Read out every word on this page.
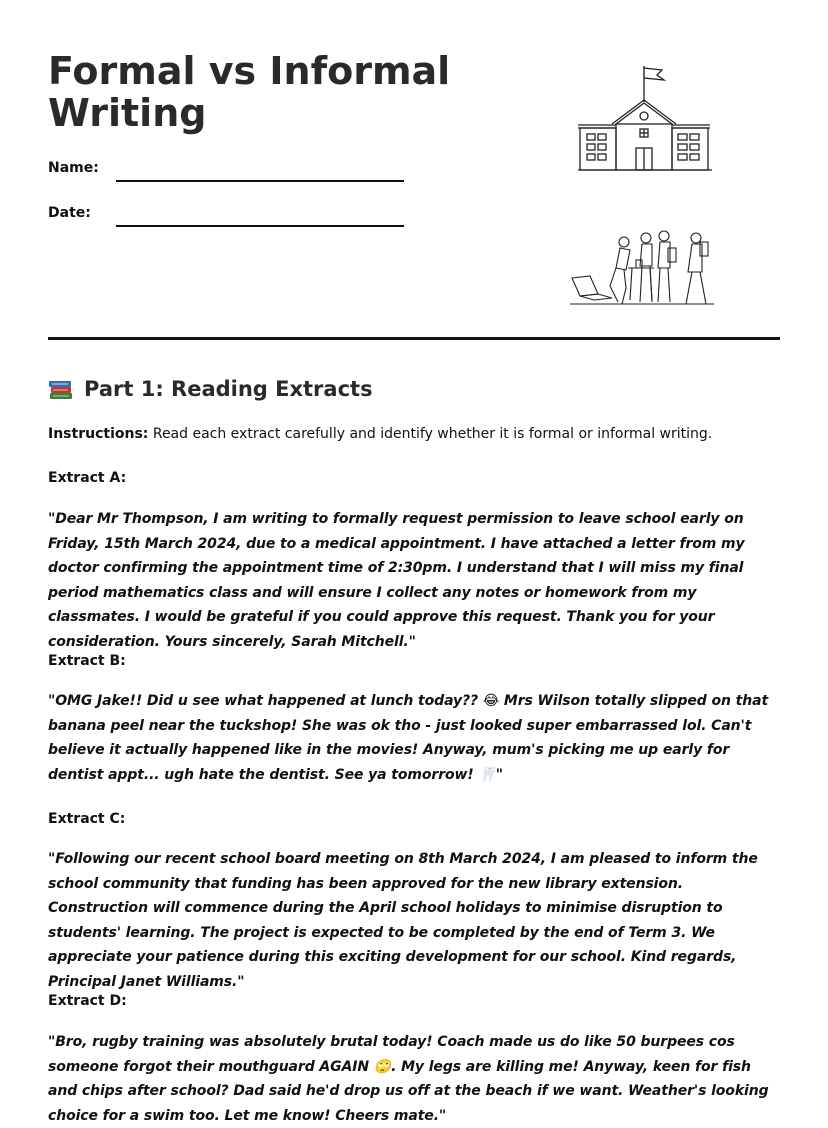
Formal vs Informal Writing
Name:
Date:
Part 1: Reading Extracts
Instructions: Read each extract carefully and identify whether it is formal or informal writing.
Extract A:

"Dear Mr Thompson, I am writing to formally request permission to leave school early on Friday, 15th March 2024, due to a medical appointment. I have attached a letter from my doctor confirming the appointment time of 2:30pm. I understand that I will miss my final period mathematics class and will ensure I collect any notes or homework from my classmates. I would be grateful if you could approve this request. Thank you for your consideration. Yours sincerely, Sarah Mitchell."

Extract B:

"OMG Jake!! Did u see what happened at lunch today?? 😂 Mrs Wilson totally slipped on that banana peel near the tuckshop! She was ok tho - just looked super embarrassed lol. Can't believe it actually happened like in the movies! Anyway, mum's picking me up early for dentist appt... ugh hate the dentist. See ya tomorrow! 🦷"

Extract C:

"Following our recent school board meeting on 8th March 2024, I am pleased to inform the school community that funding has been approved for the new library extension. Construction will commence during the April school holidays to minimise disruption to students' learning. The project is expected to be completed by the end of Term 3. We appreciate your patience during this exciting development for our school. Kind regards, Principal Janet Williams."

Extract D:

"Bro, rugby training was absolutely brutal today! Coach made us do like 50 burpees cos someone forgot their mouthguard AGAIN 🙄. My legs are killing me! Anyway, keen for fish and chips after school? Dad said he'd drop us off at the beach if we want. Weather's looking choice for a swim too. Let me know! Cheers mate."
